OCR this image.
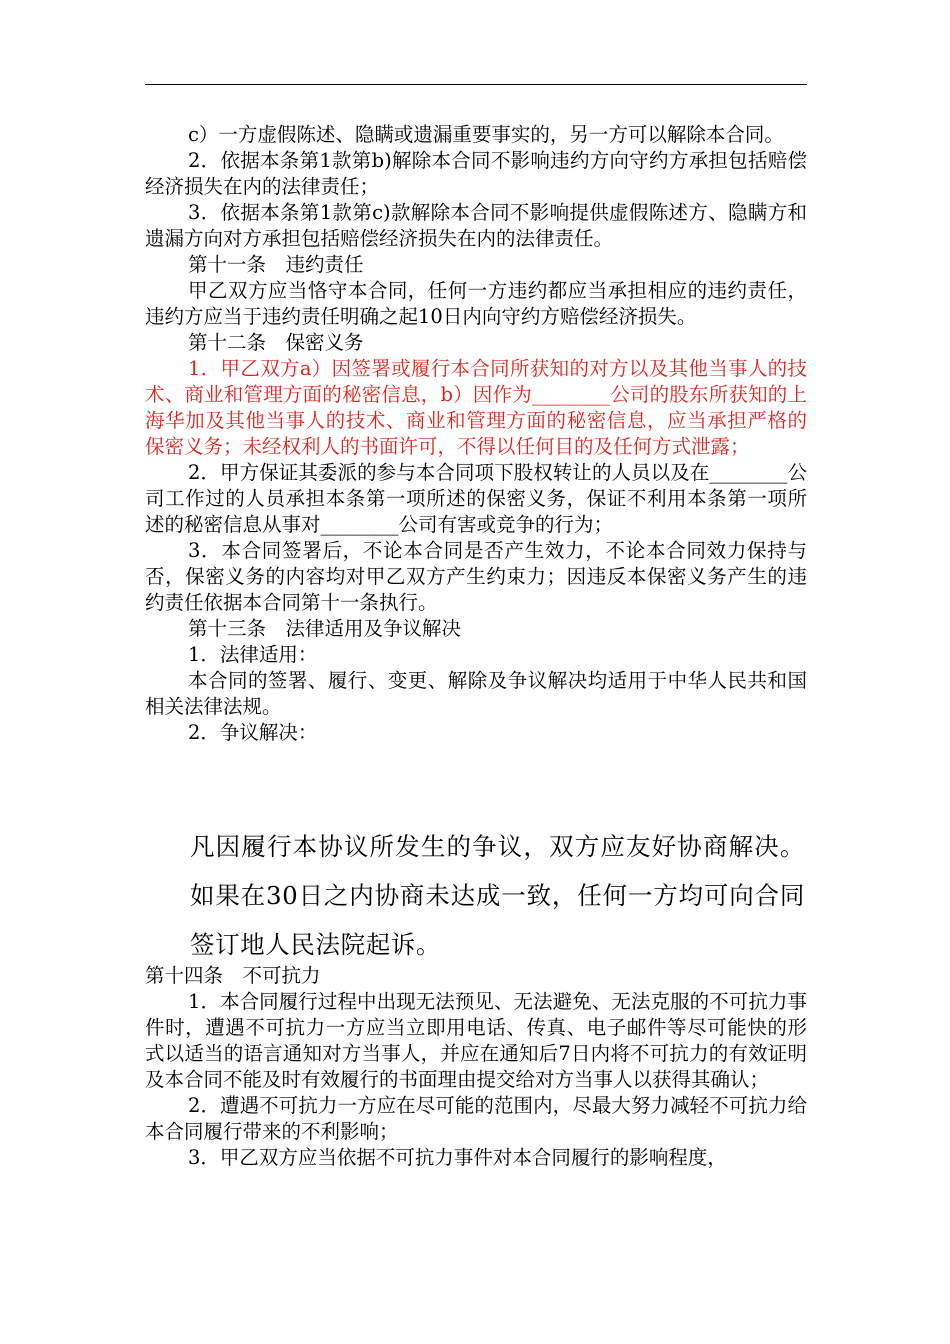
c）一方虚假陈述、隐瞒或遗漏重要事实的，另一方可以解除本合同。

2．依据本条第1款第b)解除本合同不影响违约方向守约方承担包括赔偿经济损失在内的法律责任；

3．依据本条第1款第c)款解除本合同不影响提供虚假陈述方、隐瞒方和遗漏方向对方承担包括赔偿经济损失在内的法律责任。

第十一条　违约责任

甲乙双方应当恪守本合同，任何一方违约都应当承担相应的违约责任，违约方应当于违约责任明确之起10日内向守约方赔偿经济损失。

第十二条　保密义务

1．甲乙双方a）因签署或履行本合同所获知的对方以及其他当事人的技术、商业和管理方面的秘密信息，b）因作为________公司的股东所获知的上海华加及其他当事人的技术、商业和管理方面的秘密信息，应当承担严格的保密义务；未经权利人的书面许可，不得以任何目的及任何方式泄露；

2．甲方保证其委派的参与本合同项下股权转让的人员以及在________公司工作过的人员承担本条第一项所述的保密义务，保证不利用本条第一项所述的秘密信息从事对________公司有害或竞争的行为；

3．本合同签署后，不论本合同是否产生效力，不论本合同效力保持与否，保密义务的内容均对甲乙双方产生约束力；因违反本保密义务产生的违约责任依据本合同第十一条执行。

第十三条　法律适用及争议解决

1．法律适用：

本合同的签署、履行、变更、解除及争议解决均适用于中华人民共和国相关法律法规。

2．争议解决：

凡因履行本协议所发生的争议，双方应友好协商解决。如果在30日之内协商未达成一致，任何一方均可向合同签订地人民法院起诉。

第十四条　不可抗力

1．本合同履行过程中出现无法预见、无法避免、无法克服的不可抗力事件时，遭遇不可抗力一方应当立即用电话、传真、电子邮件等尽可能快的形式以适当的语言通知对方当事人，并应在通知后7日内将不可抗力的有效证明及本合同不能及时有效履行的书面理由提交给对方当事人以获得其确认；

2．遭遇不可抗力一方应在尽可能的范围内，尽最大努力减轻不可抗力给本合同履行带来的不利影响；

3．甲乙双方应当依据不可抗力事件对本合同履行的影响程度，
